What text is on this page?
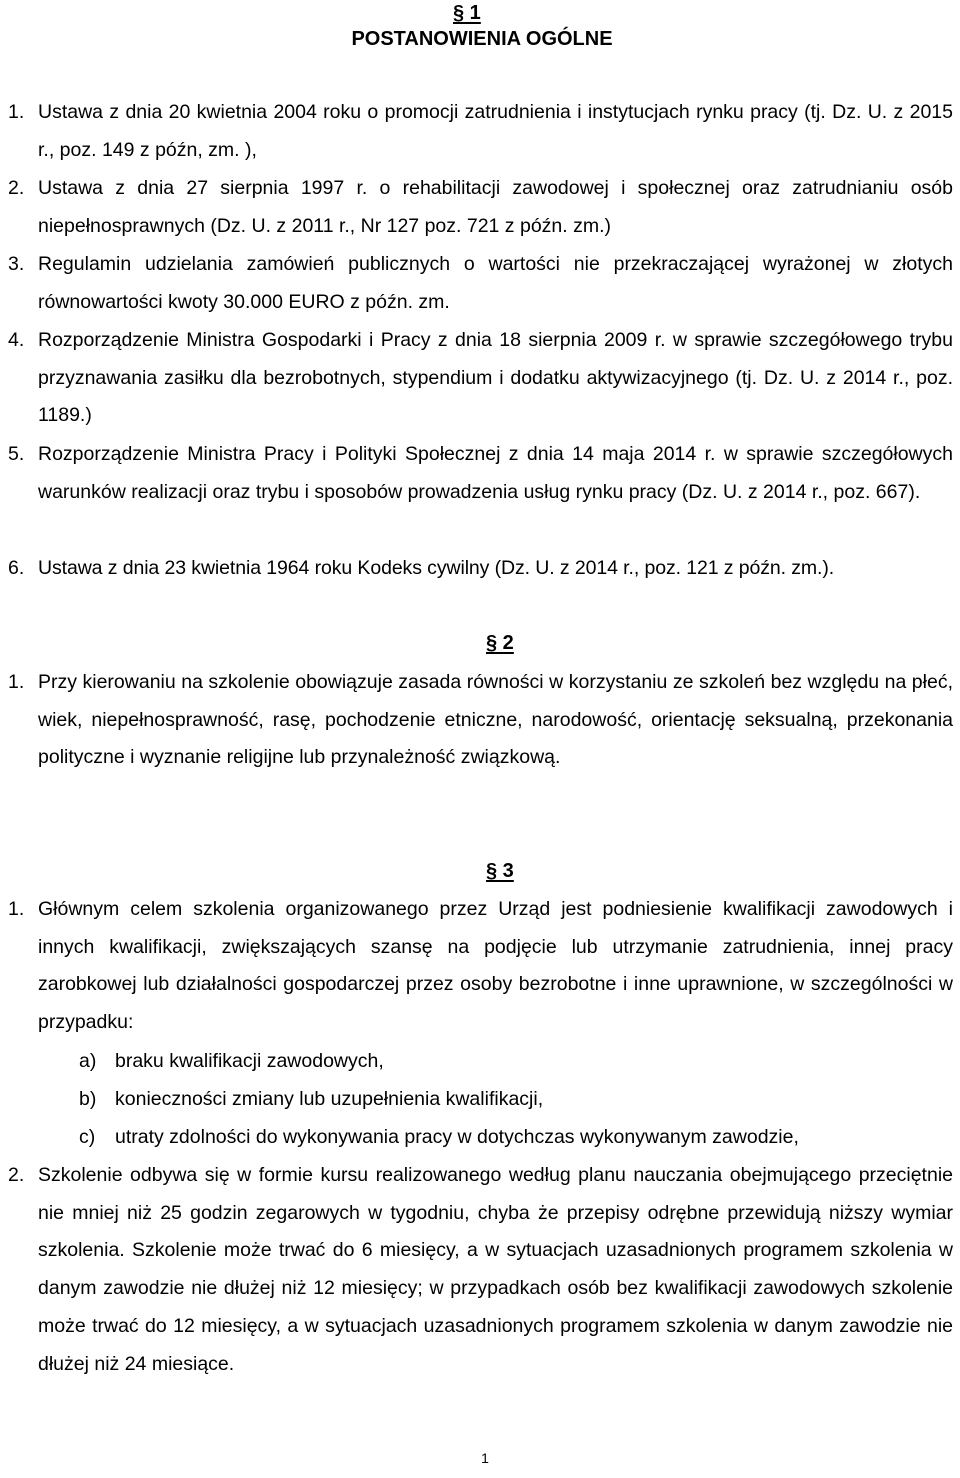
§ 1
POSTANOWIENIA OGÓLNE
1. Ustawa z dnia 20 kwietnia 2004 roku o promocji zatrudnienia i instytucjach rynku pracy (tj. Dz. U. z 2015 r., poz. 149 z późn, zm. ),
2. Ustawa z dnia 27 sierpnia 1997 r. o rehabilitacji zawodowej i społecznej oraz zatrudnianiu osób niepełnosprawnych (Dz. U. z 2011 r., Nr 127 poz. 721 z późn. zm.)
3. Regulamin udzielania zamówień publicznych o wartości nie przekraczającej wyrażonej w złotych równowartości kwoty 30.000 EURO z późn. zm.
4. Rozporządzenie Ministra Gospodarki i Pracy z dnia 18 sierpnia 2009 r. w sprawie szczegółowego trybu przyznawania zasiłku dla bezrobotnych, stypendium i dodatku aktywizacyjnego (tj. Dz. U. z 2014 r., poz. 1189.)
5. Rozporządzenie Ministra Pracy i Polityki Społecznej z dnia 14 maja 2014 r. w sprawie szczegółowych warunków realizacji oraz trybu i sposobów prowadzenia usług rynku pracy (Dz. U. z 2014 r., poz. 667).
6. Ustawa z dnia 23 kwietnia 1964 roku Kodeks cywilny (Dz. U. z 2014 r., poz. 121 z późn. zm.).
§ 2
1. Przy kierowaniu na szkolenie obowiązuje zasada równości w korzystaniu ze szkoleń bez względu na płeć, wiek, niepełnosprawność, rasę, pochodzenie etniczne, narodowość, orientację seksualną, przekonania polityczne i wyznanie religijne lub przynależność związkową.
§ 3
1. Głównym celem szkolenia organizowanego przez Urząd jest podniesienie kwalifikacji zawodowych i innych kwalifikacji, zwiększających szansę na podjęcie lub utrzymanie zatrudnienia, innej pracy zarobkowej lub działalności gospodarczej przez osoby bezrobotne i inne uprawnione, w szczególności w przypadku:
a) braku kwalifikacji zawodowych,
b) konieczności zmiany lub uzupełnienia kwalifikacji,
c) utraty zdolności do wykonywania pracy w dotychczas wykonywanym zawodzie,
2. Szkolenie odbywa się w formie kursu realizowanego według planu nauczania obejmującego przeciętnie nie mniej niż 25 godzin zegarowych w tygodniu, chyba że przepisy odrębne przewidują niższy wymiar szkolenia. Szkolenie może trwać do 6 miesięcy, a w sytuacjach uzasadnionych programem szkolenia w danym zawodzie nie dłużej niż 12 miesięcy; w przypadkach osób bez kwalifikacji zawodowych szkolenie może trwać do 12 miesięcy, a w sytuacjach uzasadnionych programem szkolenia w danym zawodzie nie dłużej niż 24 miesiące.
1
